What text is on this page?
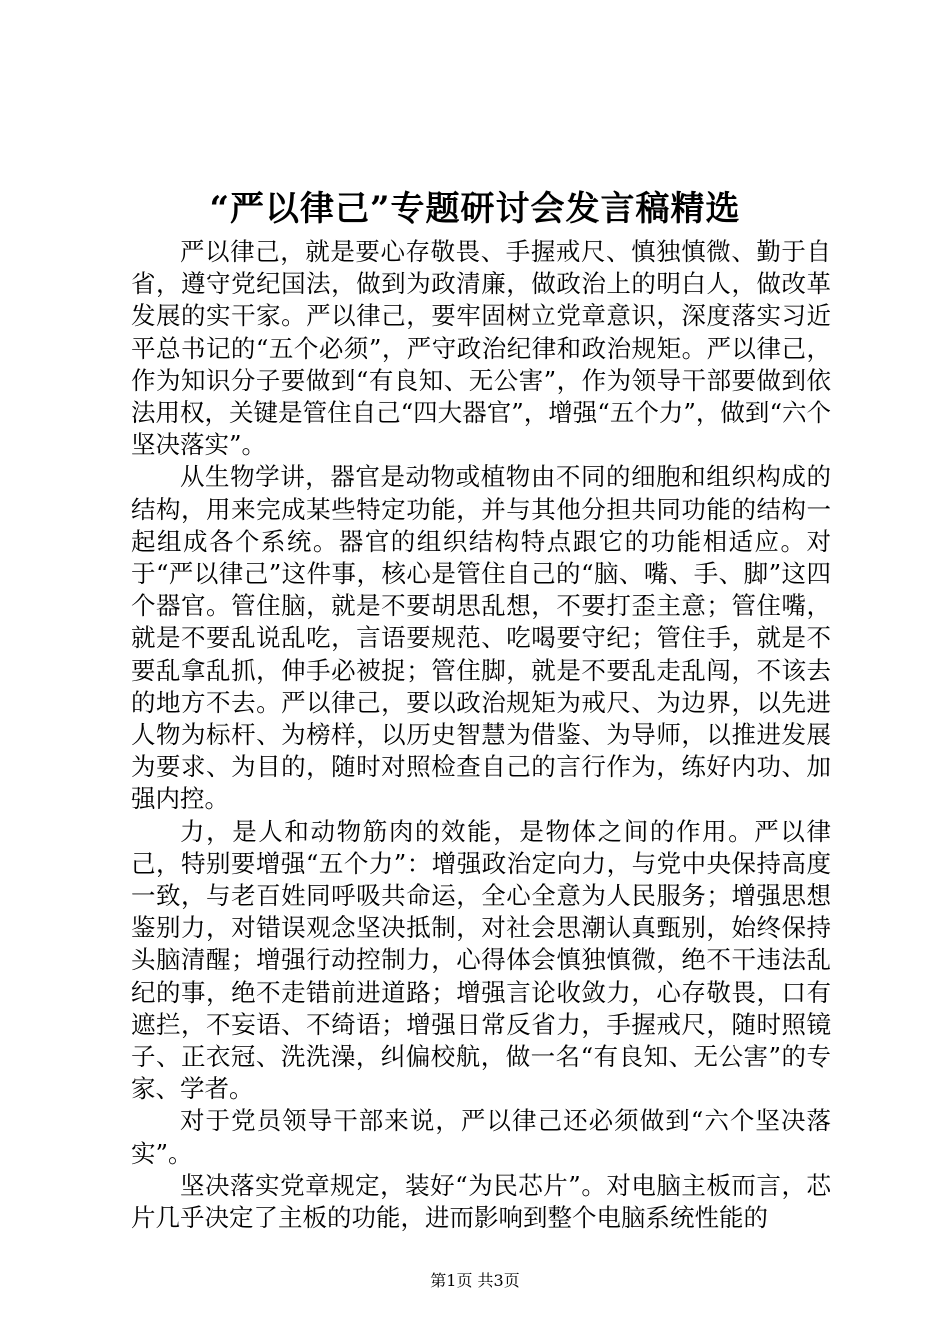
“严以律己”专题研讨会发言稿精选

严以律己，就是要心存敬畏、手握戒尺、慎独慎微、勤于自省，遵守党纪国法，做到为政清廉，做政治上的明白人，做改革发展的实干家。严以律己，要牢固树立党章意识，深度落实习近平总书记的“五个必须”，严守政治纪律和政治规矩。严以律己，作为知识分子要做到“有良知、无公害”，作为领导干部要做到依法用权，关键是管住自己“四大器官”，增强“五个力”，做到“六个坚决落实”。

从生物学讲，器官是动物或植物由不同的细胞和组织构成的结构，用来完成某些特定功能，并与其他分担共同功能的结构一起组成各个系统。器官的组织结构特点跟它的功能相适应。对于“严以律己”这件事，核心是管住自己的“脑、嘴、手、脚”这四个器官。管住脑，就是不要胡思乱想，不要打歪主意；管住嘴，就是不要乱说乱吃，言语要规范、吃喝要守纪；管住手，就是不要乱拿乱抓，伸手必被捉；管住脚，就是不要乱走乱闯，不该去的地方不去。严以律己，要以政治规矩为戒尺、为边界，以先进人物为标杆、为榜样，以历史智慧为借鉴、为导师，以推进发展为要求、为目的，随时对照检查自己的言行作为，练好内功、加强内控。

力，是人和动物筋肉的效能，是物体之间的作用。严以律己，特别要增强“五个力”：增强政治定向力，与党中央保持高度一致，与老百姓同呼吸共命运，全心全意为人民服务；增强思想鉴别力，对错误观念坚决抵制，对社会思潮认真甄别，始终保持头脑清醒；增强行动控制力，心得体会慎独慎微，绝不干违法乱纪的事，绝不走错前进道路；增强言论收敛力，心存敬畏，口有遮拦，不妄语、不绮语；增强日常反省力，手握戒尺，随时照镜子、正衣冠、洗洗澡，纠偏校航，做一名“有良知、无公害”的专家、学者。

对于党员领导干部来说，严以律己还必须做到“六个坚决落实”。

坚决落实党章规定，装好“为民芯片”。对电脑主板而言，芯片几乎决定了主板的功能，进而影响到整个电脑系统性能的

第1页 共3页
